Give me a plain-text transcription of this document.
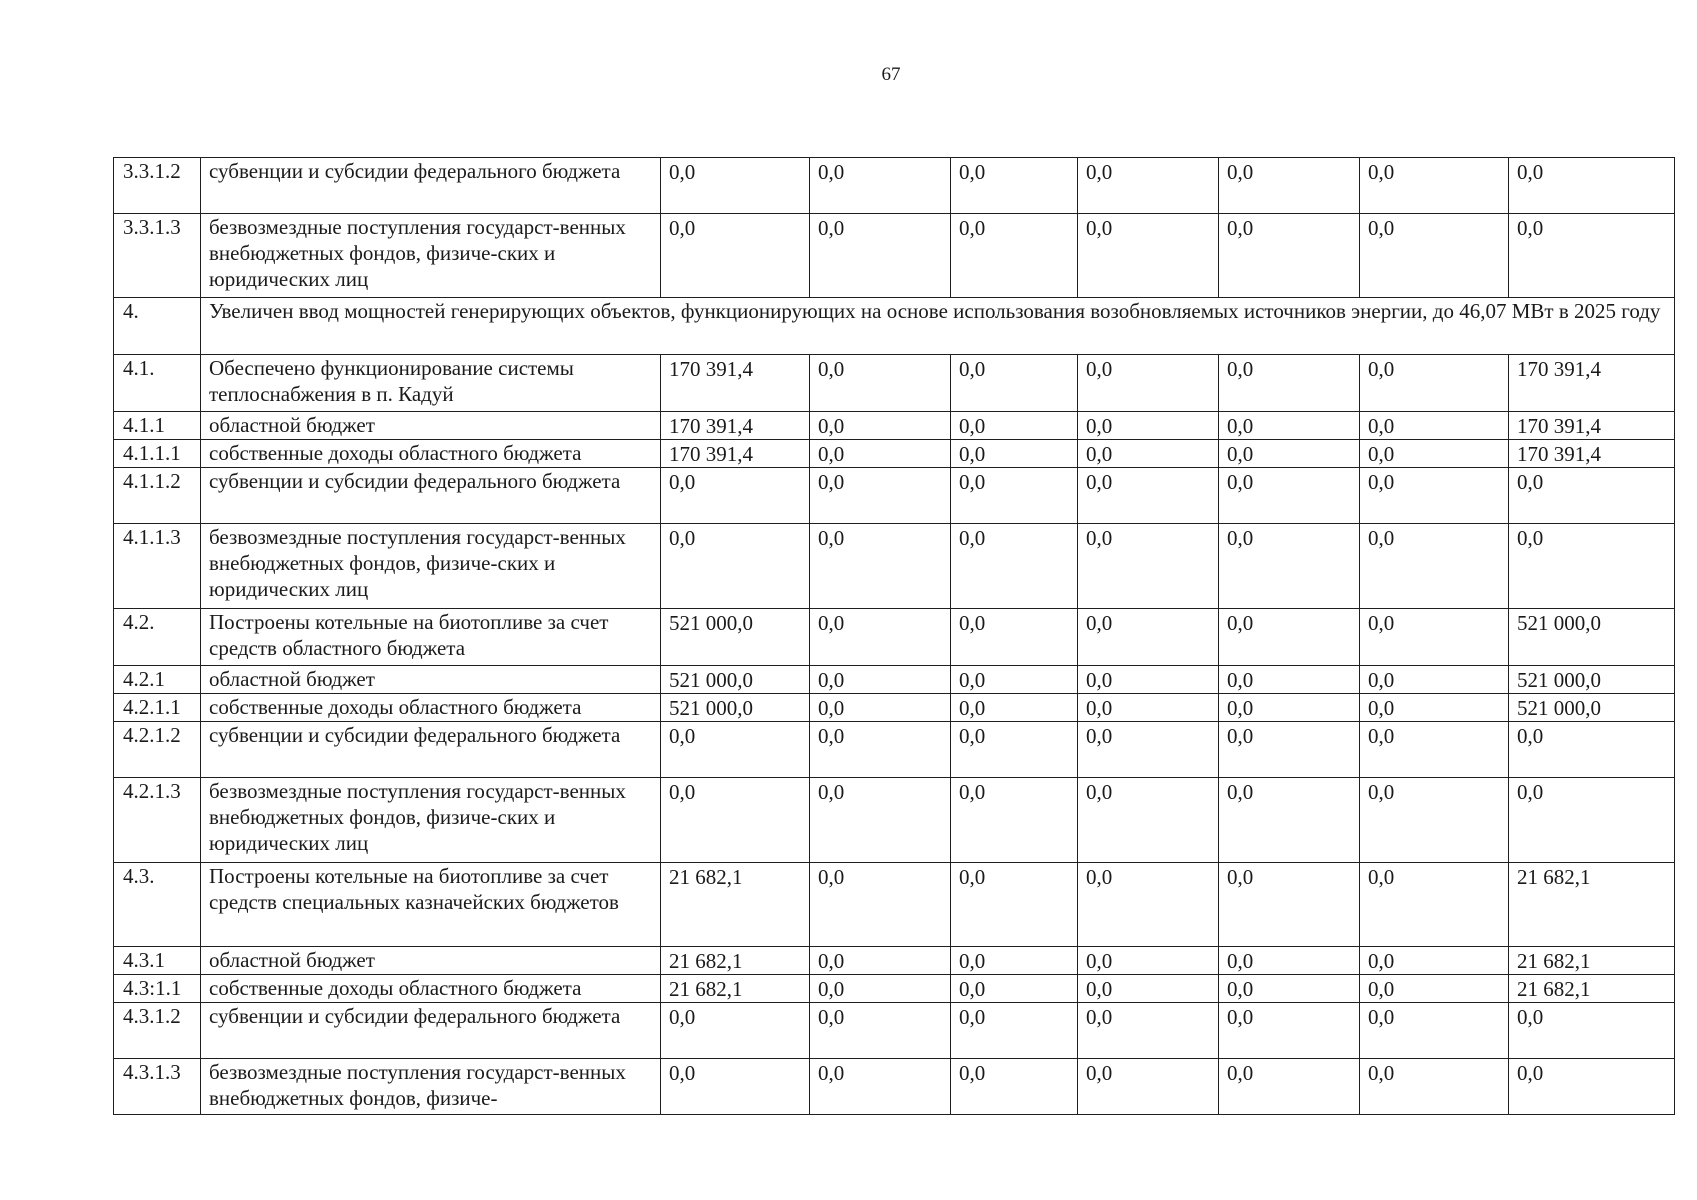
67
3.3.1.2	субвенции и субсидии федерального бюджета	0,0	0,0	0,0	0,0	0,0	0,0	0,0
3.3.1.3	безвозмездные поступления государст-венных внебюджетных фондов, физиче-ских и юридических лиц	0,0	0,0	0,0	0,0	0,0	0,0	0,0
4.	Увеличен ввод мощностей генерирующих объектов, функционирующих на основе использования возобновляемых источников энергии, до 46,07 МВт в 2025 году							
4.1.	Обеспечено функционирование системы теплоснабжения в п. Кадуй	170 391,4	0,0	0,0	0,0	0,0	0,0	170 391,4
4.1.1	областной бюджет	170 391,4	0,0	0,0	0,0	0,0	0,0	170 391,4
4.1.1.1	собственные доходы областного бюджета	170 391,4	0,0	0,0	0,0	0,0	0,0	170 391,4
4.1.1.2	субвенции и субсидии федерального бюджета	0,0	0,0	0,0	0,0	0,0	0,0	0,0
4.1.1.3	безвозмездные поступления государст-венных внебюджетных фондов, физиче-ских и юридических лиц	0,0	0,0	0,0	0,0	0,0	0,0	0,0
4.2.	Построены котельные на биотопливе за счет средств областного бюджета	521 000,0	0,0	0,0	0,0	0,0	0,0	521 000,0
4.2.1	областной бюджет	521 000,0	0,0	0,0	0,0	0,0	0,0	521 000,0
4.2.1.1	собственные доходы областного бюджета	521 000,0	0,0	0,0	0,0	0,0	0,0	521 000,0
4.2.1.2	субвенции и субсидии федерального бюджета	0,0	0,0	0,0	0,0	0,0	0,0	0,0
4.2.1.3	безвозмездные поступления государст-венных внебюджетных фондов, физиче-ских и юридических лиц	0,0	0,0	0,0	0,0	0,0	0,0	0,0
4.3.	Построены котельные на биотопливе за счет средств специальных казначейских бюджетов	21 682,1	0,0	0,0	0,0	0,0	0,0	21 682,1
4.3.1	областной бюджет	21 682,1	0,0	0,0	0,0	0,0	0,0	21 682,1
4.3:1.1	собственные доходы областного бюджета	21 682,1	0,0	0,0	0,0	0,0	0,0	21 682,1
4.3.1.2	субвенции и субсидии федерального бюджета	0,0	0,0	0,0	0,0	0,0	0,0	0,0
4.3.1.3	безвозмездные поступления государст-венных внебюджетных фондов, физиче-	0,0	0,0	0,0	0,0	0,0	0,0	0,0
